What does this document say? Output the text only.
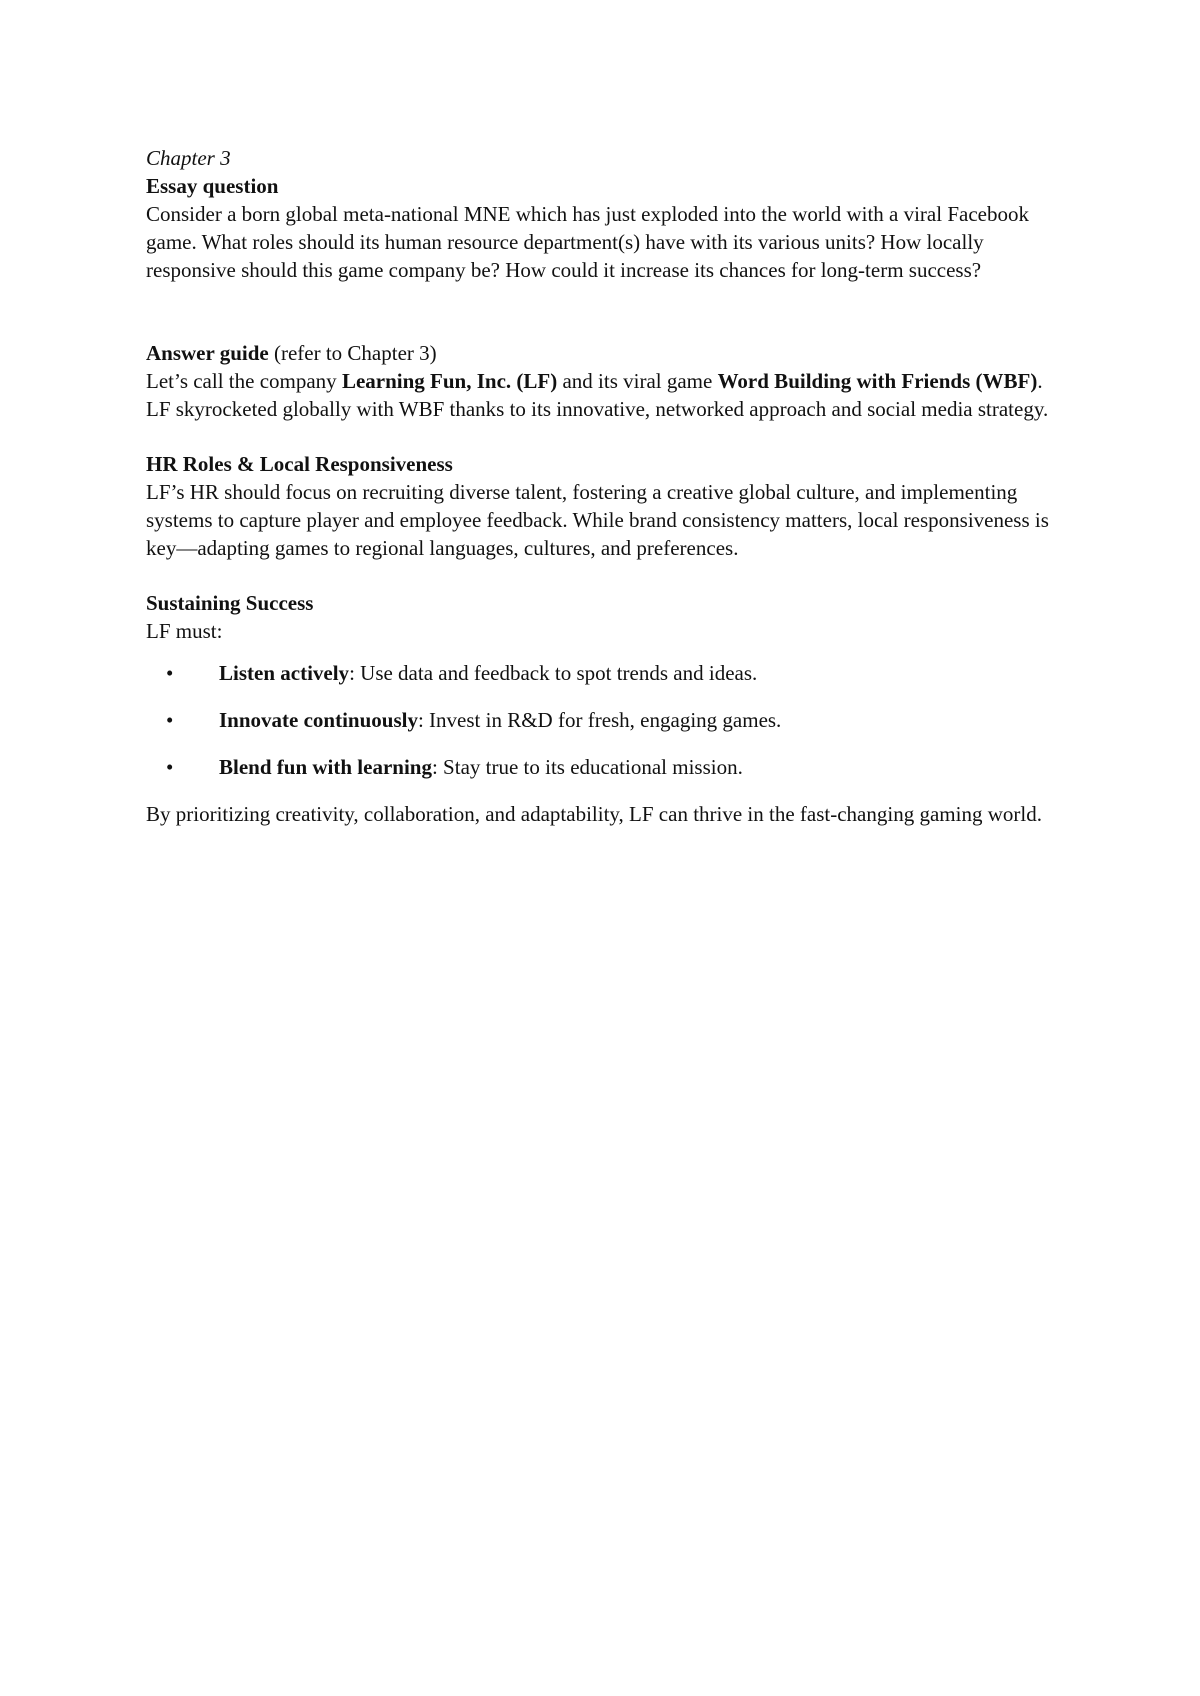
Chapter 3

Essay question

Consider a born global meta-national MNE which has just exploded into the world with a viral Facebook game. What roles should its human resource department(s) have with its various units? How locally responsive should this game company be? How could it increase its chances for long-term success?

Answer guide (refer to Chapter 3)

Let’s call the company Learning Fun, Inc. (LF) and its viral game Word Building with Friends (WBF). LF skyrocketed globally with WBF thanks to its innovative, networked approach and social media strategy.

HR Roles & Local Responsiveness

LF’s HR should focus on recruiting diverse talent, fostering a creative global culture, and implementing systems to capture player and employee feedback. While brand consistency matters, local responsiveness is key—adapting games to regional languages, cultures, and preferences.

Sustaining Success

LF must:

• Listen actively: Use data and feedback to spot trends and ideas.
• Innovate continuously: Invest in R&D for fresh, engaging games.
• Blend fun with learning: Stay true to its educational mission.

By prioritizing creativity, collaboration, and adaptability, LF can thrive in the fast-changing gaming world.
